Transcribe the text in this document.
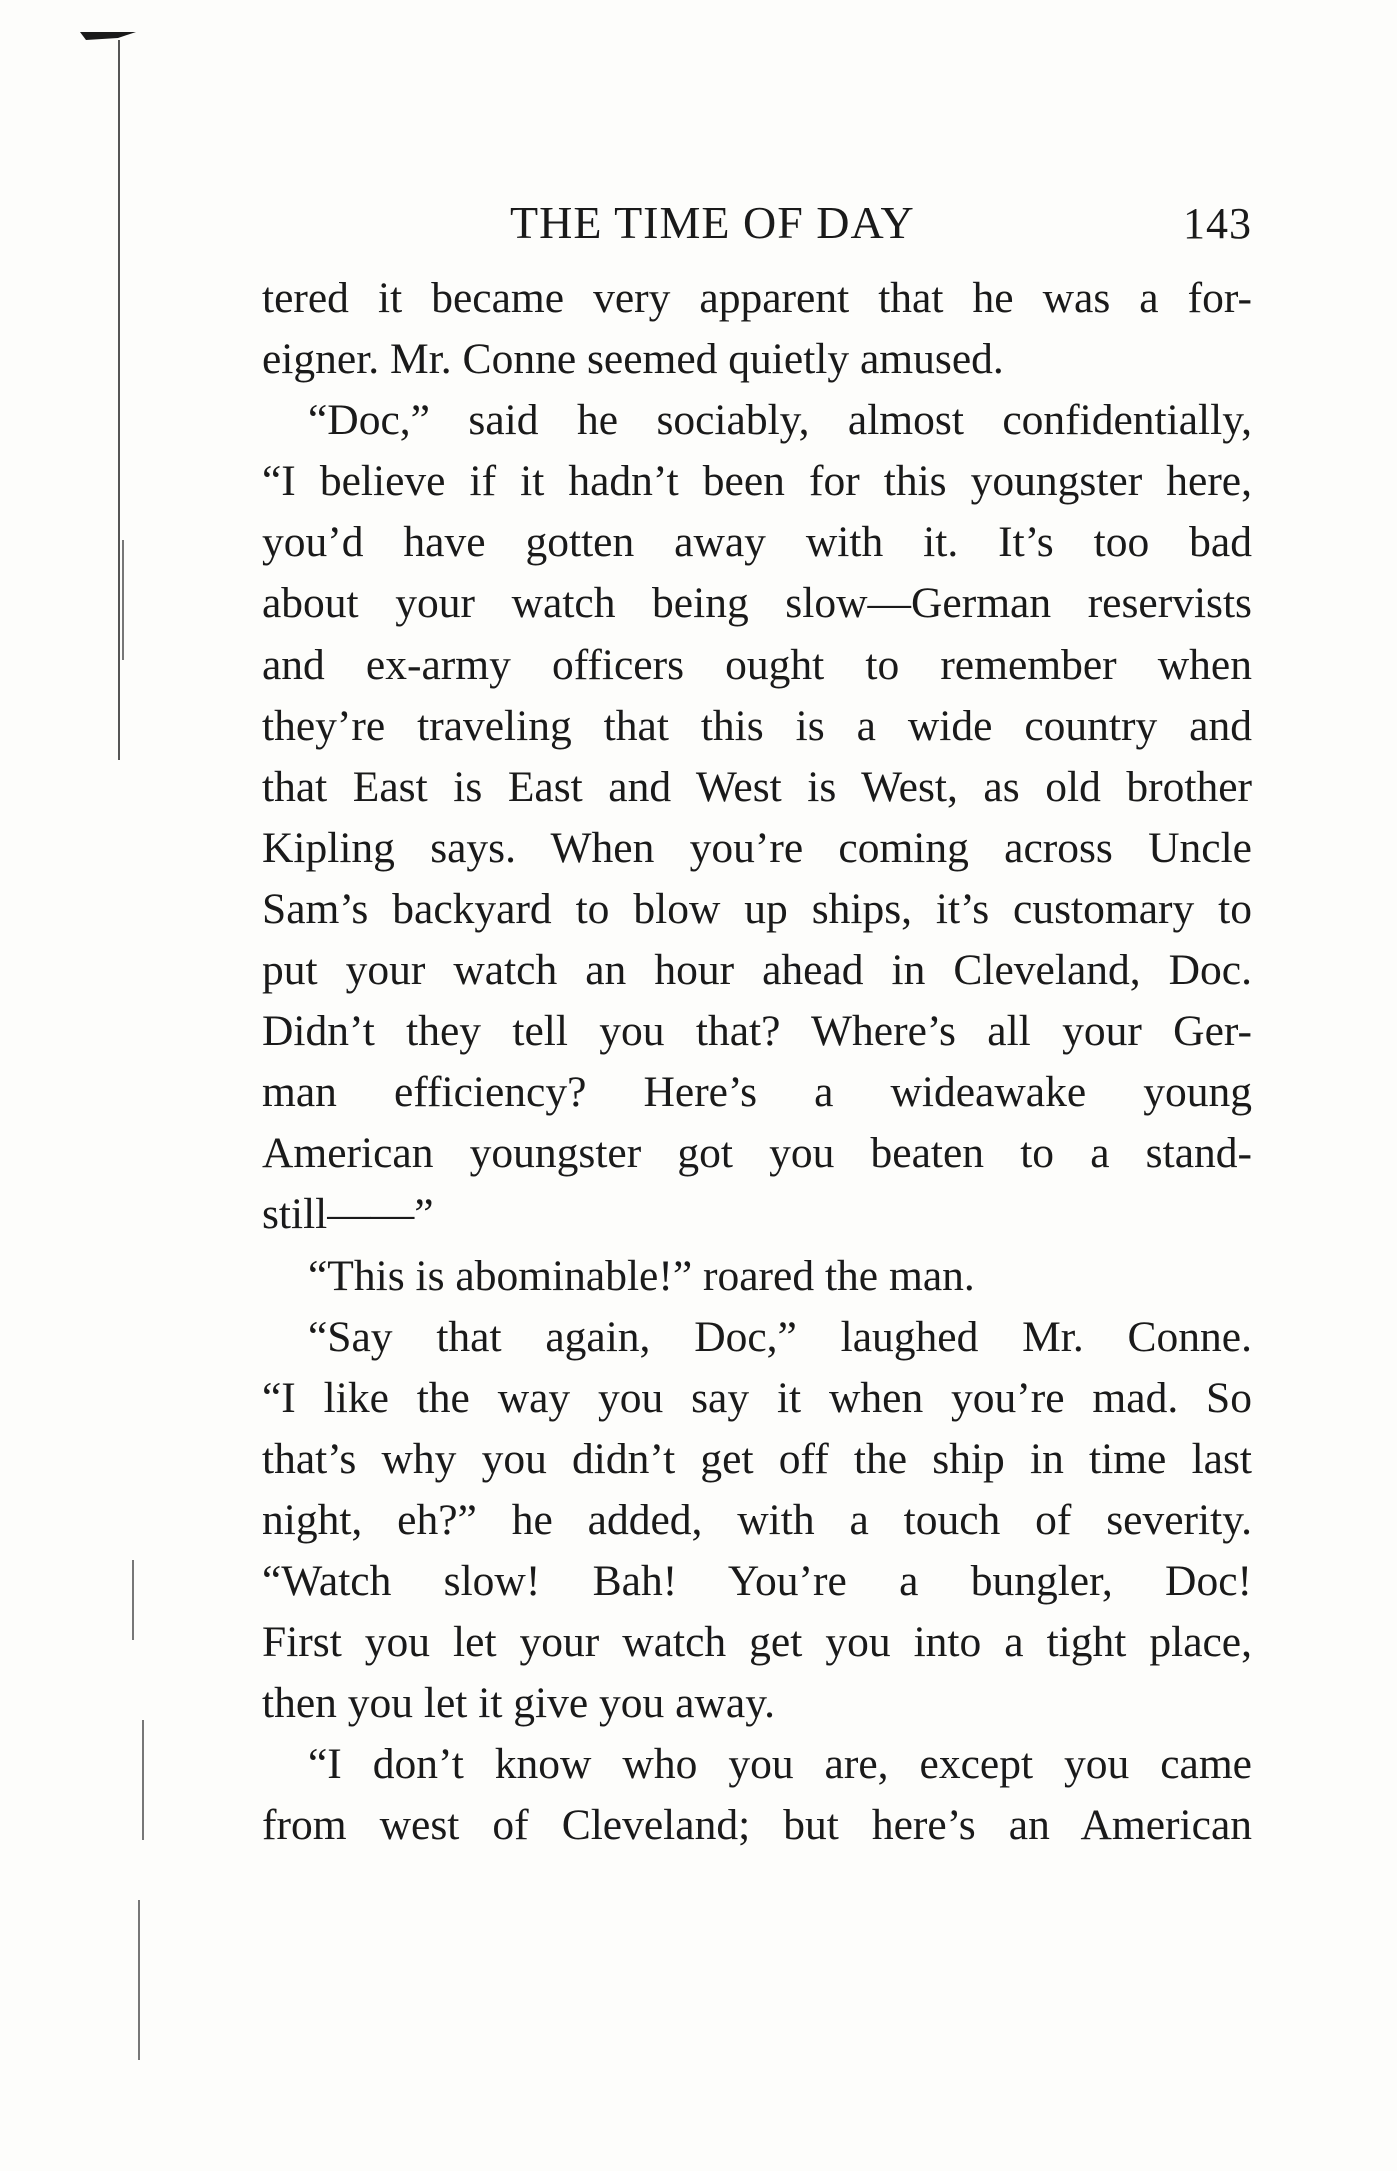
THE TIME OF DAY	143
tered it became very apparent that he was a for-
eigner. Mr. Conne seemed quietly amused.
“Doc,” said he sociably, almost confidentially,
“I believe if it hadn’t been for this youngster here,
you’d have gotten away with it. It’s too bad
about your watch being slow—German reservists
and ex-army officers ought to remember when
they’re traveling that this is a wide country and
that East is East and West is West, as old brother
Kipling says. When you’re coming across Uncle
Sam’s backyard to blow up ships, it’s customary to
put your watch an hour ahead in Cleveland, Doc.
Didn’t they tell you that? Where’s all your Ger-
man efficiency? Here’s a wideawake young
American youngster got you beaten to a stand-
still——”
“This is abominable!” roared the man.
“Say that again, Doc,” laughed Mr. Conne.
“I like the way you say it when you’re mad. So
that’s why you didn’t get off the ship in time last
night, eh?” he added, with a touch of severity.
“Watch slow! Bah! You’re a bungler, Doc!
First you let your watch get you into a tight place,
then you let it give you away.
“I don’t know who you are, except you came
from west of Cleveland; but here’s an American
